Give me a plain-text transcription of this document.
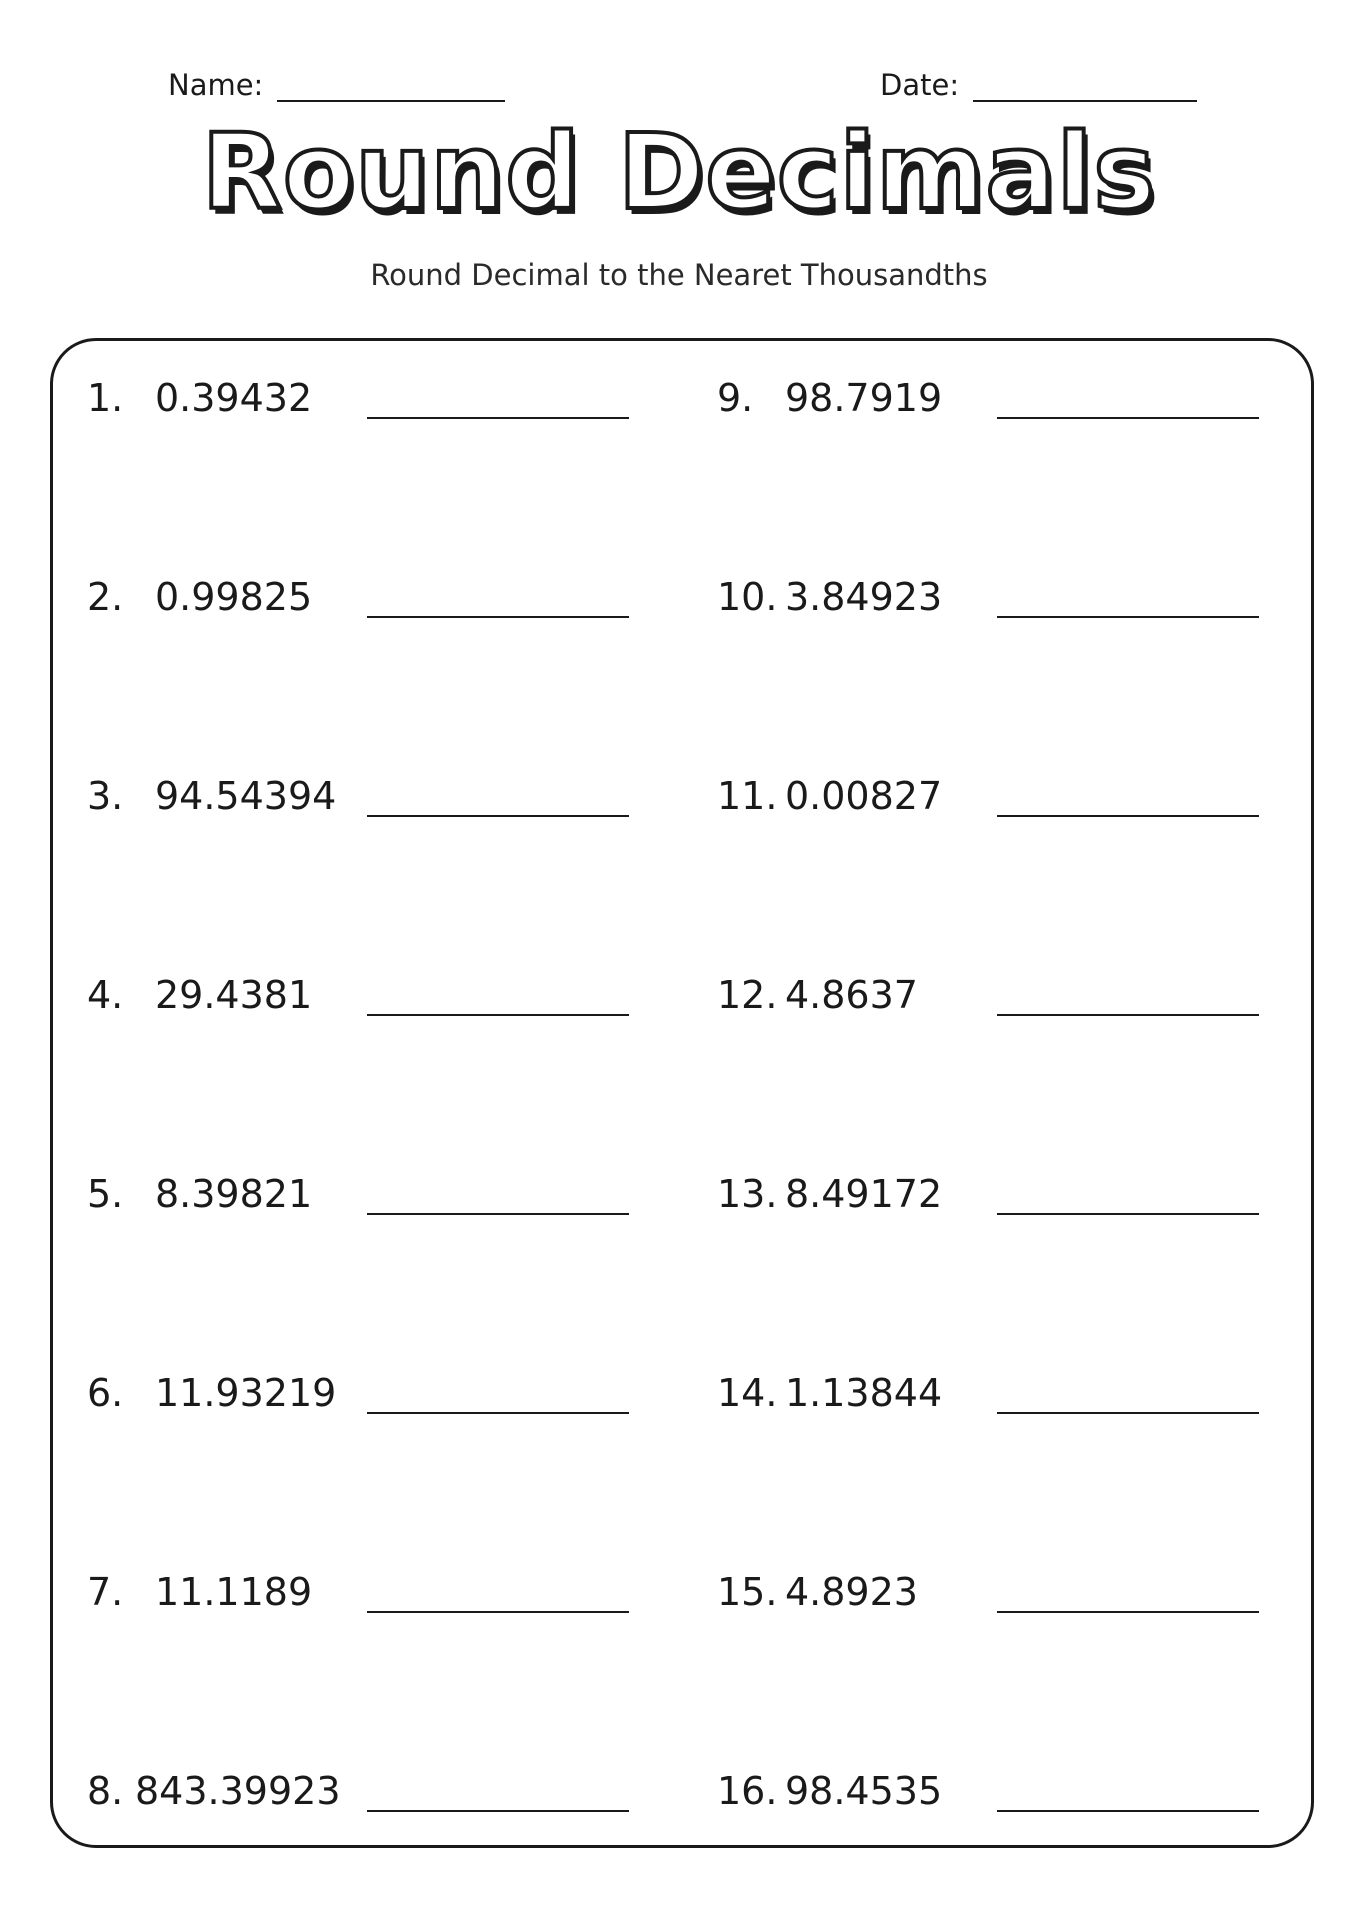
Name:	Date:
Round Decimals
Round Decimal to the Nearet Thousandths
1. 0.39432
2. 0.99825
3. 94.54394
4. 29.4381
5. 8.39821
6. 11.93219
7. 11.1189
8. 843.39923
9. 98.7919
10. 3.84923
11. 0.00827
12. 4.8637
13. 8.49172
14. 1.13844
15. 4.8923
16. 98.4535
